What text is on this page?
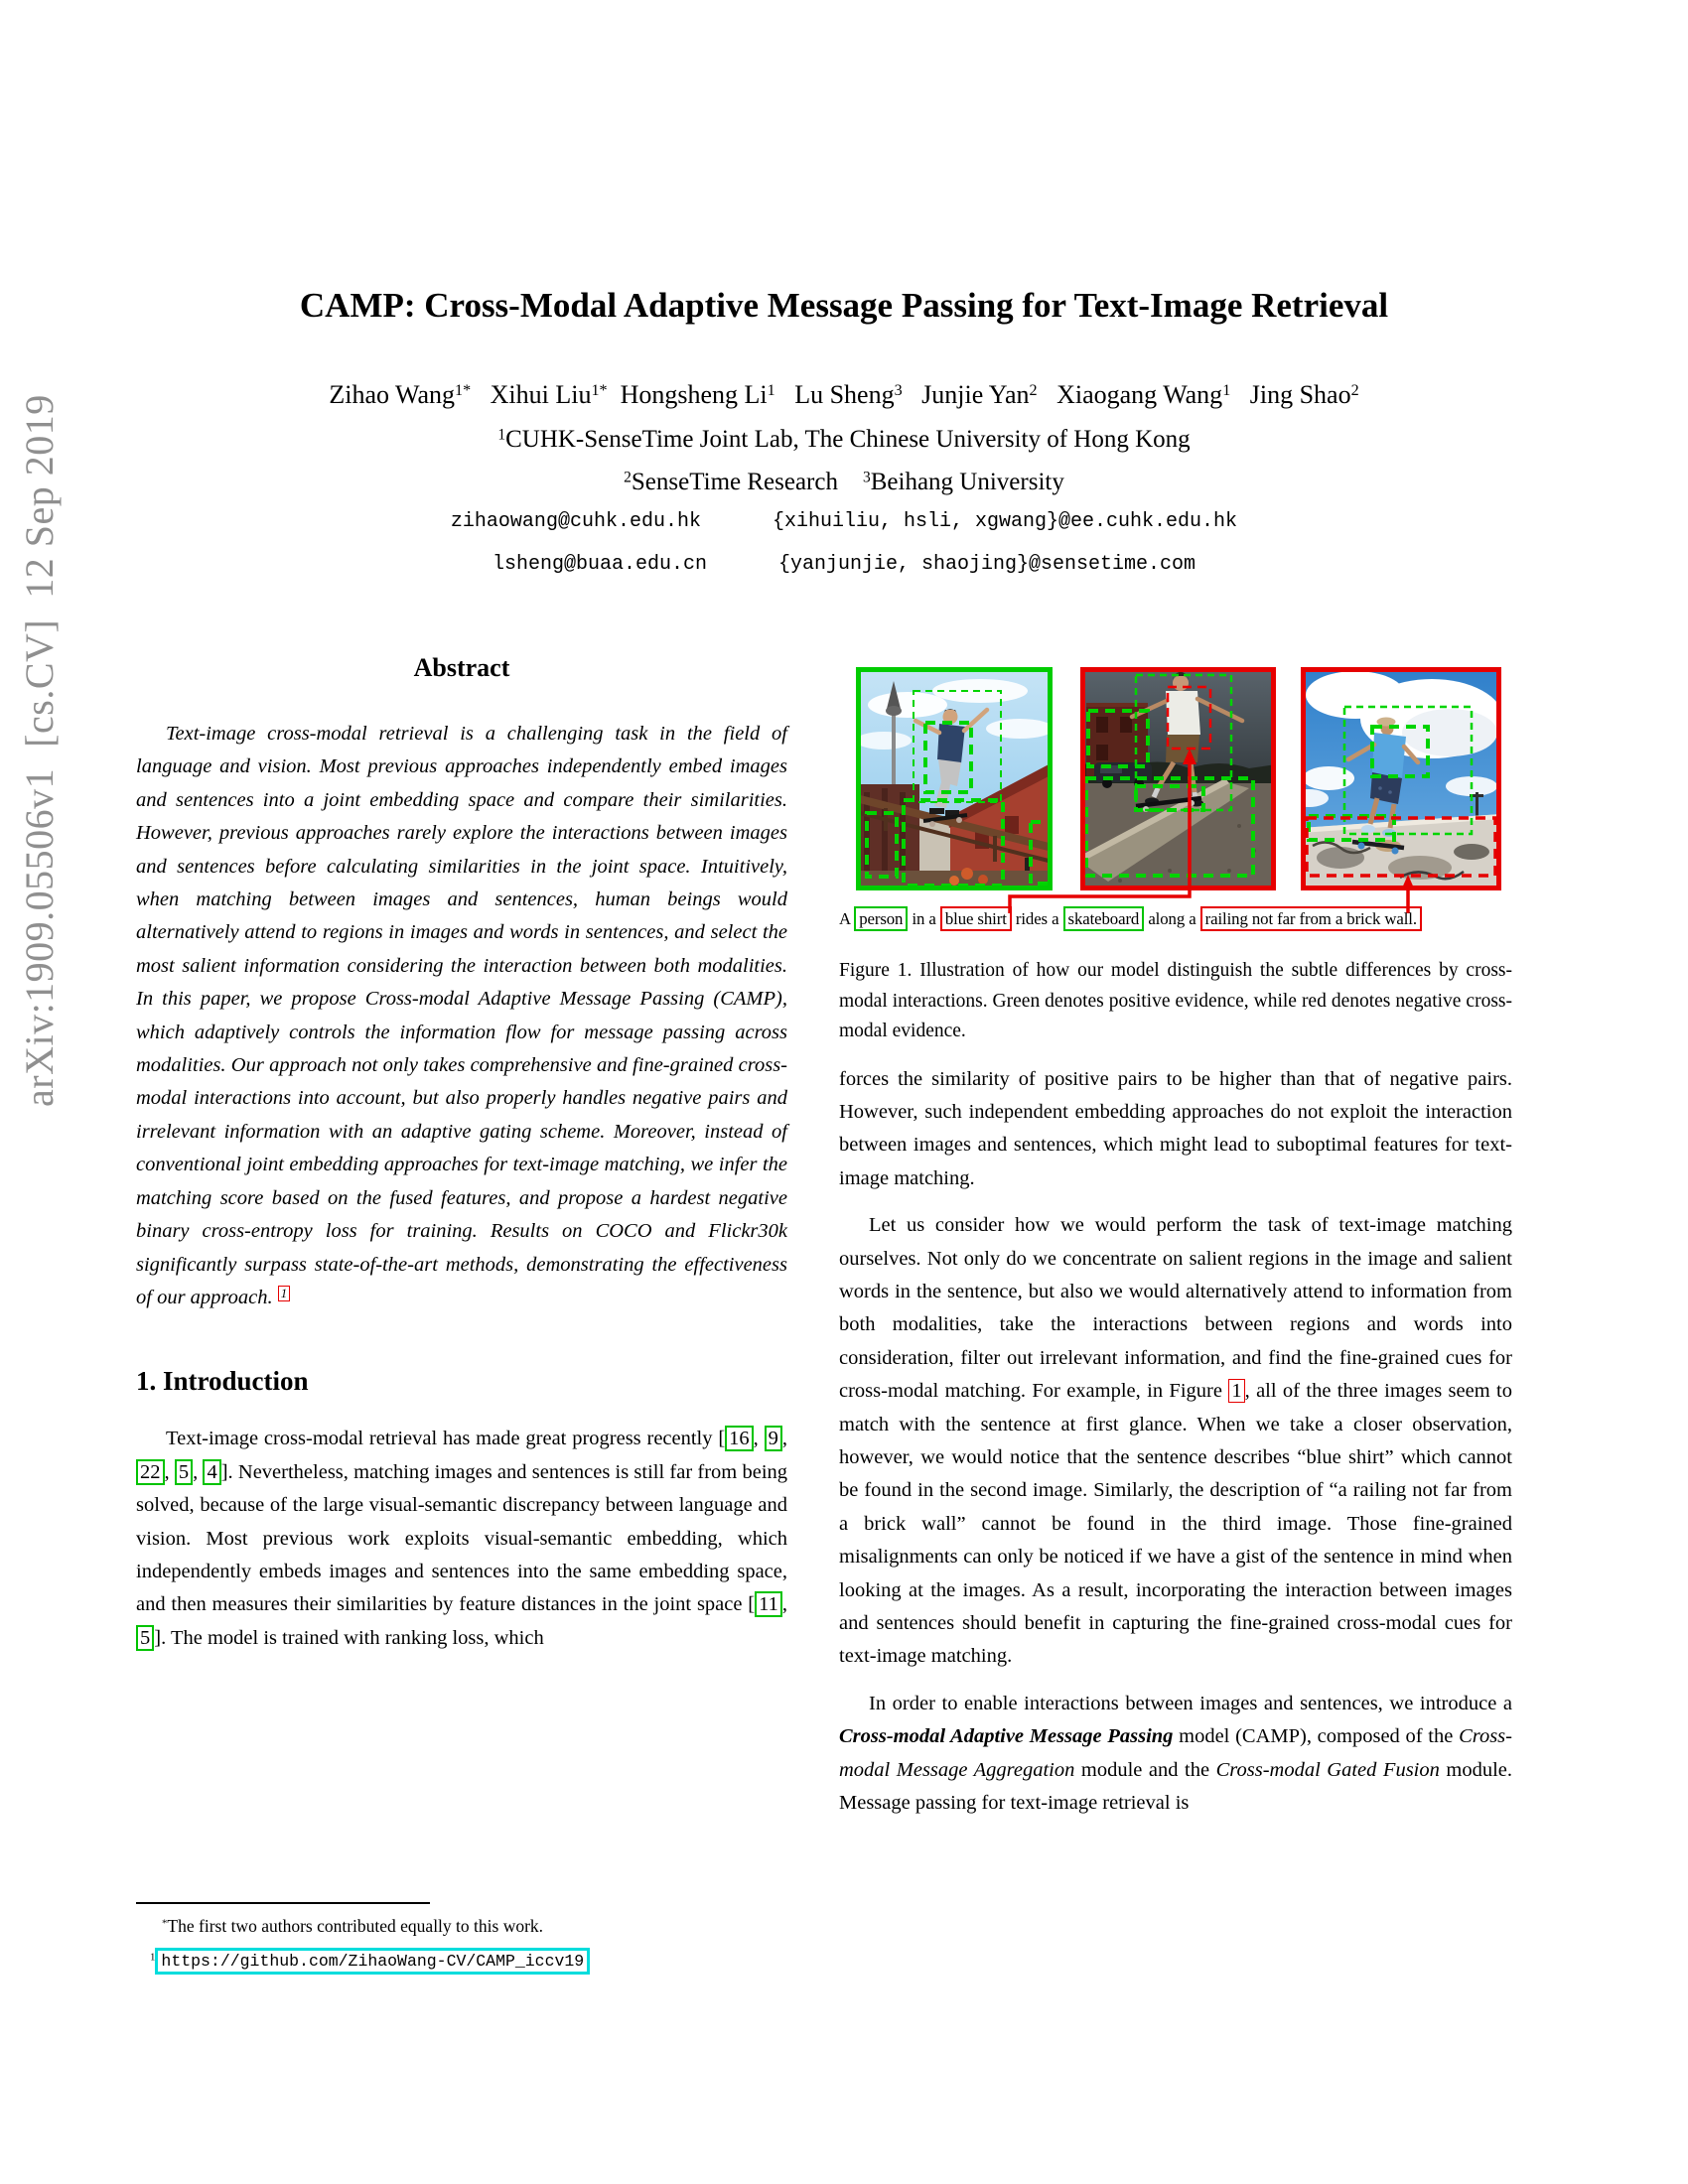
arXiv:1909.05506v1  [cs.CV]  12 Sep 2019
CAMP: Cross-Modal Adaptive Message Passing for Text-Image Retrieval
Zihao Wang$^{1*}$ Xihui Liu$^{1*}$ Hongsheng Li$^1$ Lu Sheng$^3$ Junjie Yan$^2$ Xiaogang Wang$^1$ Jing Shao$^2$
$^1$CUHK-SenseTime Joint Lab, The Chinese University of Hong Kong
$^2$SenseTime Research $^3$Beihang University
zihaowang@cuhk.edu.hk      {xihuiliu, hsli, xgwang}@ee.cuhk.edu.hk
lsheng@buaa.edu.cn      {yanjunjie, shaojing}@sensetime.com
Abstract

Text-image cross-modal retrieval is a challenging task in the field of language and vision. Most previous approaches independently embed images and sentences into a joint embedding space and compare their similarities. However, previous approaches rarely explore the interactions between images and sentences before calculating similarities in the joint space. Intuitively, when matching between images and sentences, human beings would alternatively attend to regions in images and words in sentences, and select the most salient information considering the interaction between both modalities. In this paper, we propose Cross-modal Adaptive Message Passing (CAMP), which adaptively controls the information flow for message passing across modalities. Our approach not only takes comprehensive and fine-grained cross-modal interactions into account, but also properly handles negative pairs and irrelevant information with an adaptive gating scheme. Moreover, instead of conventional joint embedding approaches for text-image matching, we infer the matching score based on the fused features, and propose a hardest negative binary cross-entropy loss for training. Results on COCO and Flickr30k significantly surpass state-of-the-art methods, demonstrating the effectiveness of our approach. $^1$

1. Introduction

Text-image cross-modal retrieval has made great progress recently [ 16 , 9 , 22 , 5 , 4 ]. Nevertheless, matching images and sentences is still far from being solved, because of the large visual-semantic discrepancy between language and vision. Most previous work exploits visual-semantic embedding, which independently embeds images and sentences into the same embedding space, and then measures their similarities by feature distances in the joint space [ 11 , 5 ]. The model is trained with ranking loss, which

*The first two authors contributed equally to this work.

$^1$ https://github.com/ZihaoWang-CV/CAMP_iccv19

A person in a blue shirt rides a skateboard along a railing not far from a brick wall.

Figure 1. Illustration of how our model distinguish the subtle differences by cross-modal interactions. Green denotes positive evidence, while red denotes negative cross-modal evidence.

forces the similarity of positive pairs to be higher than that of negative pairs. However, such independent embedding approaches do not exploit the interaction between images and sentences, which might lead to suboptimal features for text-image matching.

Let us consider how we would perform the task of text-image matching ourselves. Not only do we concentrate on salient regions in the image and salient words in the sentence, but also we would alternatively attend to information from both modalities, take the interactions between regions and words into consideration, filter out irrelevant information, and find the fine-grained cues for cross-modal matching. For example, in Figure 1 , all of the three images seem to match with the sentence at first glance. When we take a closer observation, however, we would notice that the sentence describes “blue shirt” which cannot be found in the second image. Similarly, the description of “a railing not far from a brick wall” cannot be found in the third image. Those fine-grained misalignments can only be noticed if we have a gist of the sentence in mind when looking at the images. As a result, incorporating the interaction between images and sentences should benefit in capturing the fine-grained cross-modal cues for text-image matching.

In order to enable interactions between images and sentences, we introduce a Cross-modal Adaptive Message Passing model (CAMP), composed of the Cross-modal Message Aggregation module and the Cross-modal Gated Fusion module. Message passing for text-image retrieval is
